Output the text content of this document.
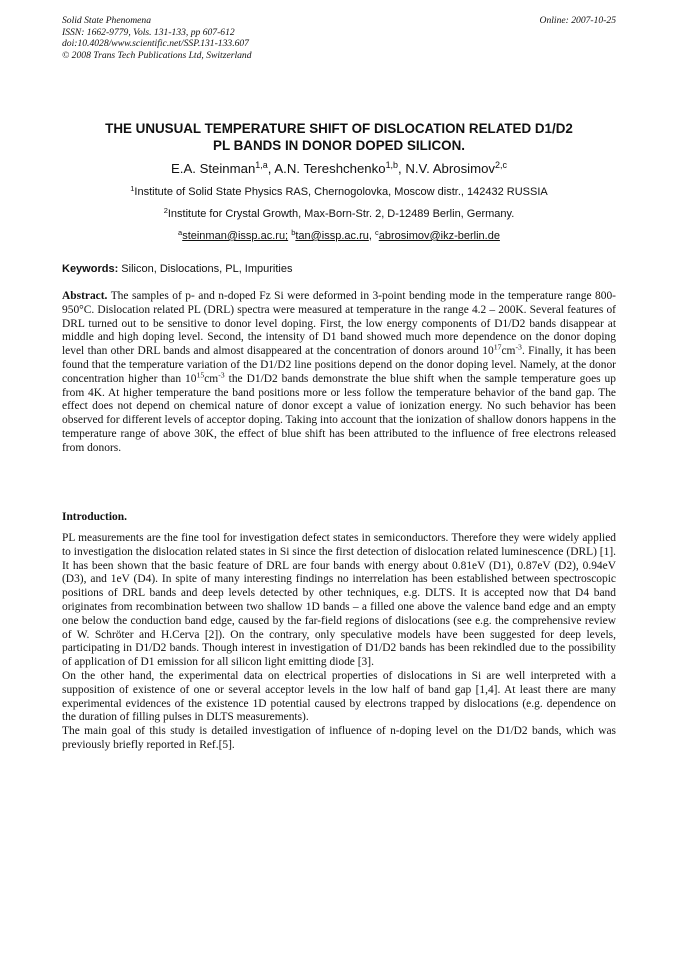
Solid State Phenomena	Online: 2007-10-25
ISSN: 1662-9779, Vols. 131-133, pp 607-612
doi:10.4028/www.scientific.net/SSP.131-133.607
© 2008 Trans Tech Publications Ltd, Switzerland
THE UNUSUAL TEMPERATURE SHIFT OF DISLOCATION RELATED D1/D2
PL BANDS IN DONOR DOPED SILICON.
E.A. Steinman$^{1,a}$, A.N. Tereshchenko$^{1,b}$, N.V. Abrosimov$^{2,c}$
$^1$Institute of Solid State Physics RAS, Chernogolovka, Moscow distr., 142432 RUSSIA
$^2$Institute for Crystal Growth, Max-Born-Str. 2, D-12489 Berlin, Germany.
$^a$steinman@issp.ac.ru; $^b$tan@issp.ac.ru, $^c$abrosimov@ikz-berlin.de
Keywords: Silicon, Dislocations, PL, Impurities
Abstract. The samples of p- and n-doped Fz Si were deformed in 3-point bending mode in the temperature range 800-950°C. Dislocation related PL (DRL) spectra were measured at temperature in the range 4.2 – 200K. Several features of DRL turned out to be sensitive to donor level doping. First, the low energy components of D1/D2 bands disappear at middle and high doping level. Second, the intensity of D1 band showed much more dependence on the donor doping level than other DRL bands and almost disappeared at the concentration of donors around $10^{17}cm^{-3}$. Finally, it has been found that the temperature variation of the D1/D2 line positions depend on the donor doping level. Namely, at the donor concentration higher than $10^{15}cm^{-3}$ the D1/D2 bands demonstrate the blue shift when the sample temperature goes up from 4K. At higher temperature the band positions more or less follow the temperature behavior of the band gap. The effect does not depend on chemical nature of donor except a value of ionization energy. No such behavior has been observed for different levels of acceptor doping. Taking into account that the ionization of shallow donors happens in the temperature range of above 30K, the effect of blue shift has been attributed to the influence of free electrons released from donors.
Introduction.

PL measurements are the fine tool for investigation defect states in semiconductors. Therefore they were widely applied to investigation the dislocation related states in Si since the first detection of dislocation related luminescence (DRL) [1]. It has been shown that the basic feature of DRL are four bands with energy about 0.81eV (D1), 0.87eV (D2), 0.94eV (D3), and 1eV (D4). In spite of many interesting findings no interrelation has been established between spectroscopic positions of DRL bands and deep levels detected by other techniques, e.g. DLTS. It is accepted now that D4 band originates from recombination between two shallow 1D bands – a filled one above the valence band edge and an empty one below the conduction band edge, caused by the far-field regions of dislocations (see e.g. the comprehensive review of W. Schröter and H.Cerva [2]). On the contrary, only speculative models have been suggested for deep levels, participating in D1/D2 bands. Though interest in investigation of D1/D2 bands has been rekindled due to the possibility of application of D1 emission for all silicon light emitting diode [3].

On the other hand, the experimental data on electrical properties of dislocations in Si are well interpreted with a supposition of existence of one or several acceptor levels in the low half of band gap [1,4]. At least there are many experimental evidences of the existence 1D potential caused by electrons trapped by dislocations (e.g. dependence on the duration of filling pulses in DLTS measurements).

The main goal of this study is detailed investigation of influence of n-doping level on the D1/D2 bands, which was previously briefly reported in Ref.[5].
